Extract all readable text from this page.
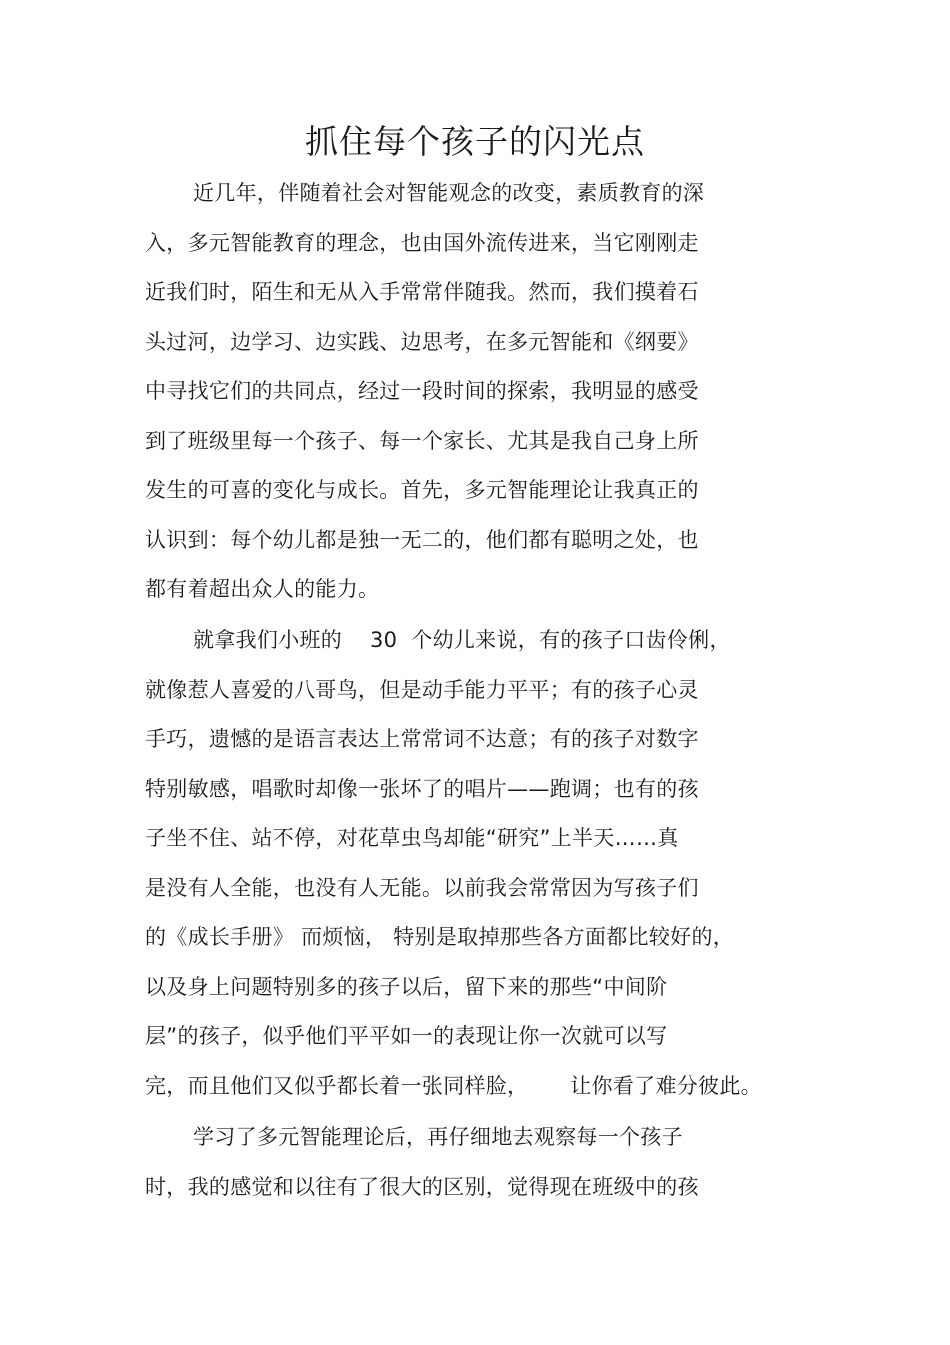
抓住每个孩子的闪光点
近几年，伴随着社会对智能观念的改变，素质教育的深
入，多元智能教育的理念，也由国外流传进来，当它刚刚走
近我们时，陌生和无从入手常常伴随我。然而，我们摸着石
头过河，边学习、边实践、边思考，在多元智能和《纲要》
中寻找它们的共同点，经过一段时间的探索，我明显的感受
到了班级里每一个孩子、每一个家长、尤其是我自己身上所
发生的可喜的变化与成长。首先，多元智能理论让我真正的
认识到：每个幼儿都是独一无二的，他们都有聪明之处，也
都有着超出众人的能力。
就拿我们小班的    30  个幼儿来说，有的孩子口齿伶俐，
就像惹人喜爱的八哥鸟，但是动手能力平平；有的孩子心灵
手巧，遗憾的是语言表达上常常词不达意；有的孩子对数字
特别敏感，唱歌时却像一张坏了的唱片——跑调；也有的孩
子坐不住、站不停，对花草虫鸟却能“研究”上半天……真
是没有人全能，也没有人无能。以前我会常常因为写孩子们
的《成长手册》 而烦恼， 特别是取掉那些各方面都比较好的，
以及身上问题特别多的孩子以后，留下来的那些“中间阶
层”的孩子，似乎他们平平如一的表现让你一次就可以写
完，而且他们又似乎都长着一张同样脸，      让你看了难分彼此。
学习了多元智能理论后，再仔细地去观察每一个孩子
时，我的感觉和以往有了很大的区别，觉得现在班级中的孩
